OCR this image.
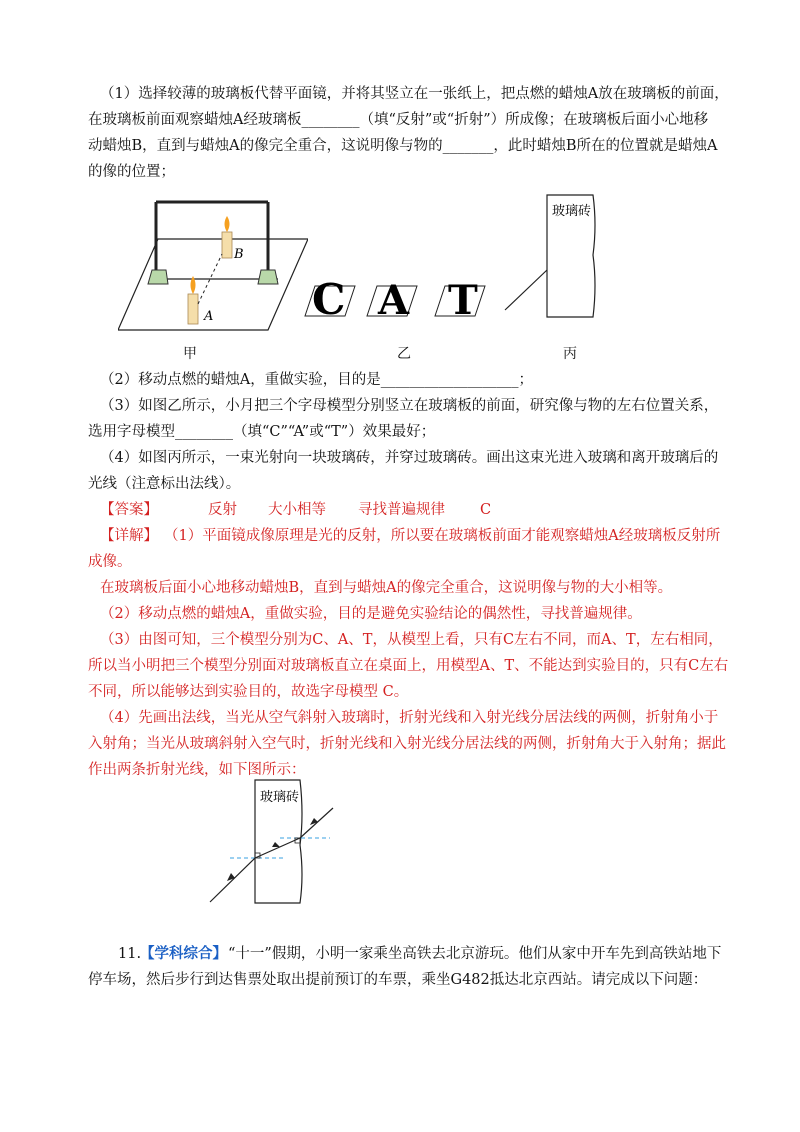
（1）选择较薄的玻璃板代替平面镜，并将其竖立在一张纸上，把点燃的蜡烛A放在玻璃板的前面，
在玻璃板前面观察蜡烛A经玻璃板________（填“反射”或“折射”）所成像；在玻璃板后面小心地移
动蜡烛B，直到与蜡烛A的像完全重合，这说明像与物的_______，此时蜡烛B所在的位置就是蜡烛A
的像的位置；
B
A C A T
玻璃砖
甲	乙	丙
（2）移动点燃的蜡烛A，重做实验，目的是___________________；
（3）如图乙所示，小月把三个字母模型分别竖立在玻璃板的前面，研究像与物的左右位置关系，
选用字母模型________（填“C”“A”或“T”）效果最好；
（4）如图丙所示，一束光射向一块玻璃砖，并穿过玻璃砖。画出这束光进入玻璃和离开玻璃后的
光线（注意标出法线）。
【答案】	反射 大小相等 寻找普遍规律 C
【详解】 （1）平面镜成像原理是光的反射，所以要在玻璃板前面才能观察蜡烛A经玻璃板反射所
成像。
在玻璃板后面小心地移动蜡烛B，直到与蜡烛A的像完全重合，这说明像与物的大小相等。
（2）移动点燃的蜡烛A，重做实验，目的是避免实验结论的偶然性，寻找普遍规律。
（3）由图可知，三个模型分别为C、A、T，从模型上看，只有C左右不同，而A、T，左右相同，
所以当小明把三个模型分别面对玻璃板直立在桌面上，用模型A、T、不能达到实验目的，只有C左右
不同，所以能够达到实验目的，故选字母模型 C。
（4）先画出法线，当光从空气斜射入玻璃时，折射光线和入射光线分居法线的两侧，折射角小于
入射角；当光从玻璃斜射入空气时，折射光线和入射光线分居法线的两侧，折射角大于入射角；据此
作出两条折射光线，如下图所示：
玻璃砖
11.
【学科综合】 “十一”假期，小明一家乘坐高铁去北京游玩。他们从家中开车先到高铁站地下
停车场，然后步行到达售票处取出提前预订的车票，乘坐G482抵达北京西站。请完成以下问题：
